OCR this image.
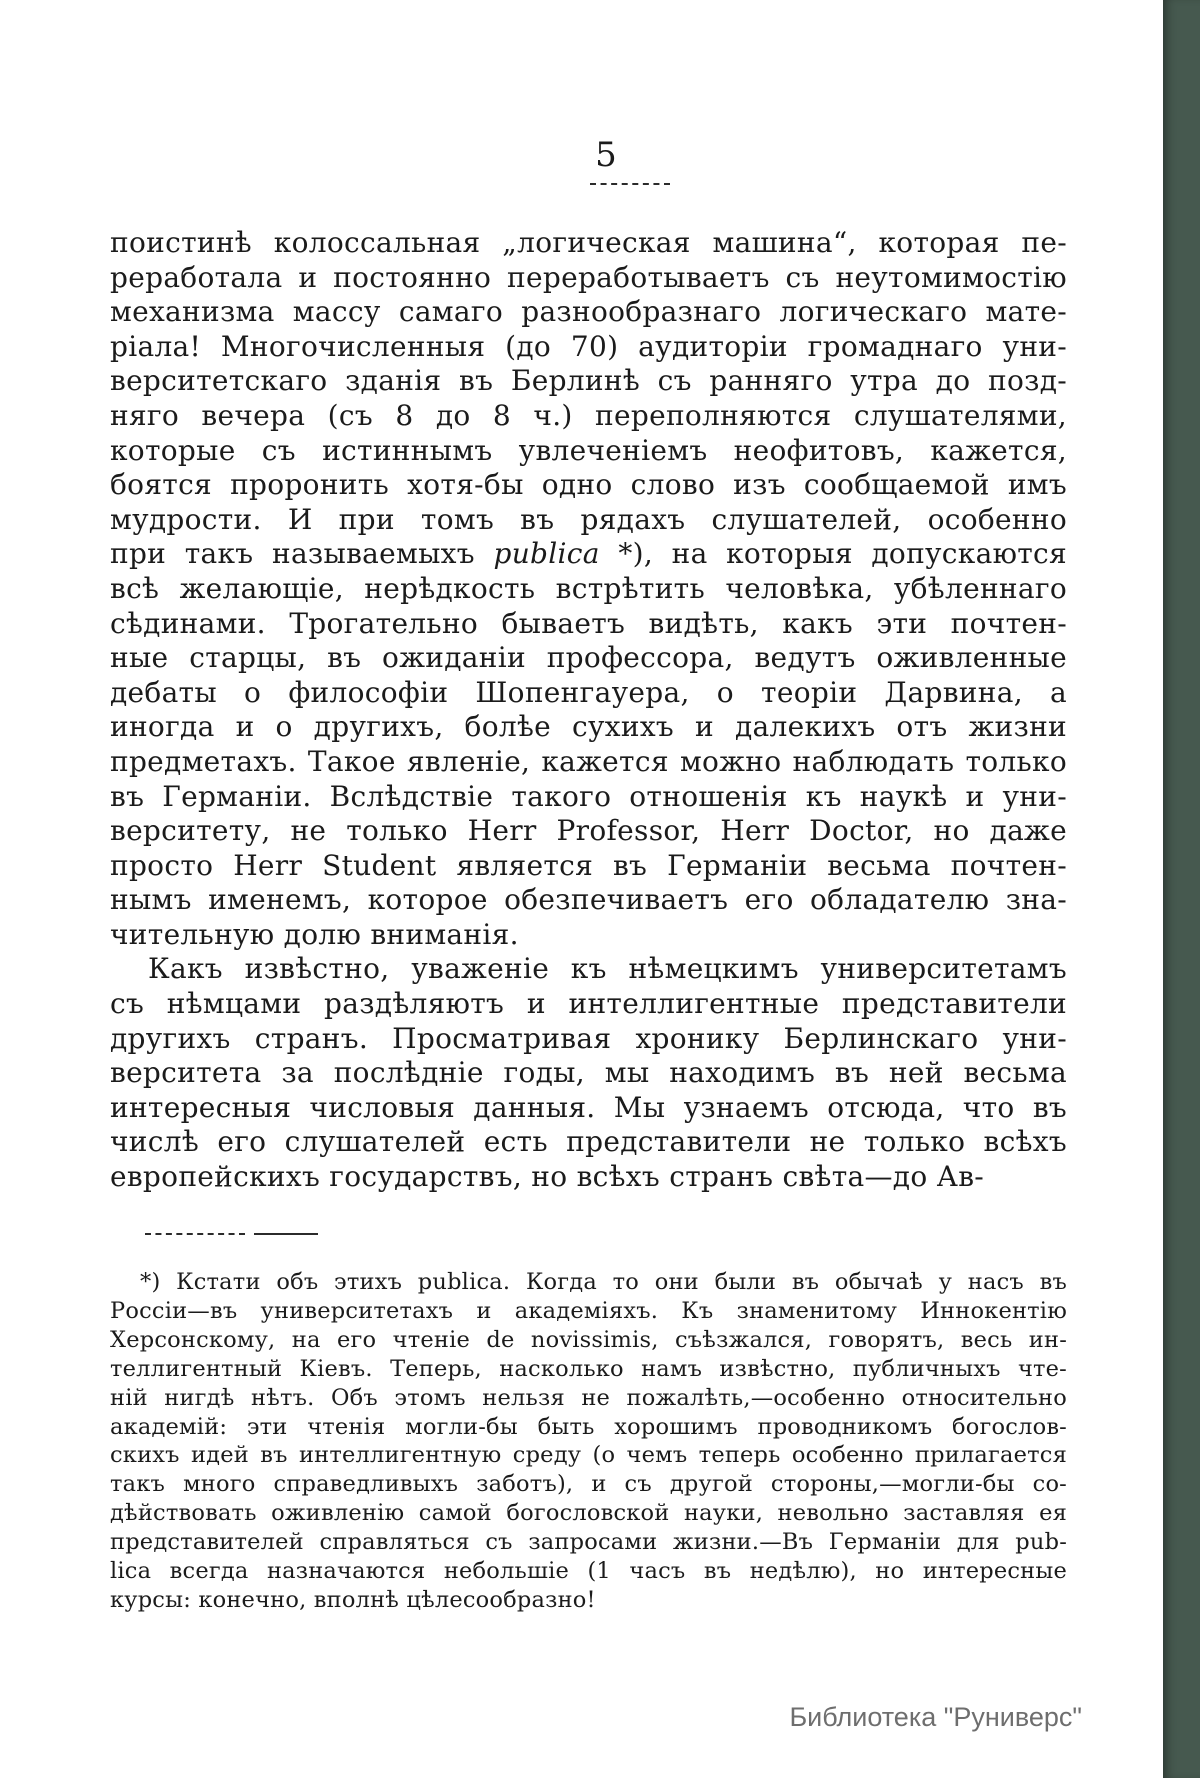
5
поистинѣ колоссальная „логическая машина“, которая пе-
реработала и постоянно переработываетъ съ неутомимостію
механизма массу самаго разнообразнаго логическаго мате-
ріала! Многочисленныя (до 70) аудиторіи громаднаго уни-
верситетскаго зданія въ Берлинѣ съ ранняго утра до позд-
няго вечера (съ 8 до 8 ч.) переполняются слушателями,
которые съ истиннымъ увлеченіемъ неофитовъ, кажется,
боятся проронить хотя-бы одно слово изъ сообщаемой имъ
мудрости. И при томъ въ рядахъ слушателей, особенно
при такъ называемыхъ publica *), на которыя допускаются
всѣ желающіе, нерѣдкость встрѣтить человѣка, убѣленнаго
сѣдинами. Трогательно бываетъ видѣть, какъ эти почтен-
ные старцы, въ ожиданіи профессора, ведутъ оживленные
дебаты о философіи Шопенгауера, о теоріи Дарвина, а
иногда и о другихъ, болѣе сухихъ и далекихъ отъ жизни
предметахъ. Такое явленіе, кажется можно наблюдать только
въ Германіи. Вслѣдствіе такого отношенія къ наукѣ и уни-
верситету, не только Herr Professor, Herr Doctor, но даже
просто Herr Student является въ Германіи весьма почтен-
нымъ именемъ, которое обезпечиваетъ его обладателю зна-
чительную долю вниманія.
Какъ извѣстно, уваженіе къ нѣмецкимъ университетамъ
съ нѣмцами раздѣляютъ и интеллигентные представители
другихъ странъ. Просматривая хронику Берлинскаго уни-
верситета за послѣдніе годы, мы находимъ въ ней весьма
интересныя числовыя данныя. Мы узнаемъ отсюда, что въ
числѣ его слушателей есть представители не только всѣхъ
европейскихъ государствъ, но всѣхъ странъ свѣта—до Ав-
*) Кстати объ этихъ publica. Когда то они были въ обычаѣ у насъ въ
Россіи—въ университетахъ и академіяхъ. Къ знаменитому Иннокентію
Херсонскому, на его чтеніе de novissimis, съѣзжался, говорятъ, весь ин-
теллигентный Кіевъ. Теперь, насколько намъ извѣстно, публичныхъ чте-
ній нигдѣ нѣтъ. Объ этомъ нельзя не пожалѣть,—особенно относительно
академій: эти чтенія могли-бы быть хорошимъ проводникомъ богослов-
скихъ идей въ интеллигентную среду (о чемъ теперь особенно прилагается
такъ много справедливыхъ заботъ), и съ другой стороны,—могли-бы со-
дѣйствовать оживленію самой богословской науки, невольно заставляя ея
представителей справляться съ запросами жизни.—Въ Германіи для pub-
lica всегда назначаются небольшіе (1 часъ въ недѣлю), но интересные
курсы: конечно, вполнѣ цѣлесообразно!
Библиотека "Руниверс"
